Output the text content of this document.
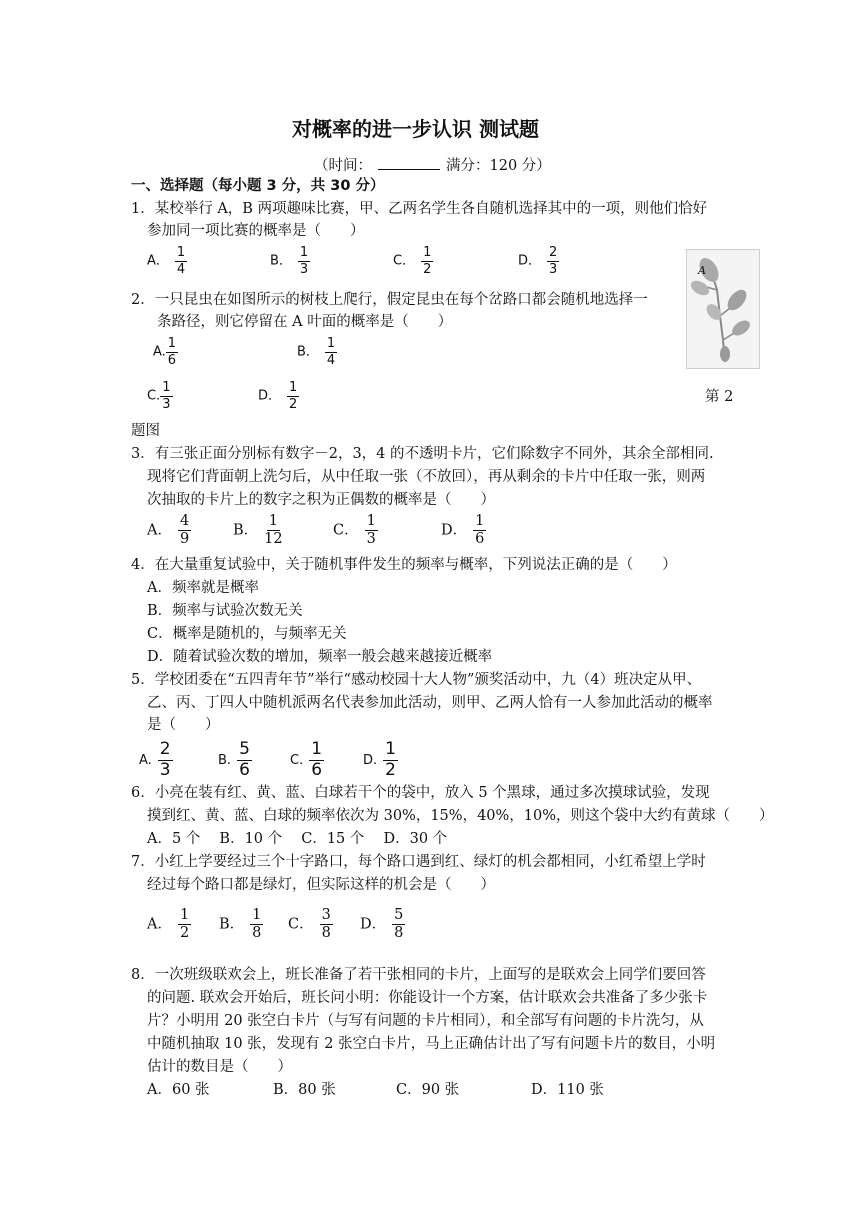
对概率的进一步认识 测试题
（时间：	满分：120 分）
一、选择题（每小题 3 分，共 30 分）
1．某校举行 A，B 两项趣味比赛，甲、乙两名学生各自随机选择其中的一项，则他们恰好
参加同一项比赛的概率是（　　）
A． $\frac{1}{4}$	B． $\frac{1}{3}$	C． $\frac{1}{2}$	D． $\frac{2}{3}$
2．一只昆虫在如图所示的树枝上爬行，假定昆虫在每个岔路口都会随机地选择一
条路径，则它停留在 A 叶面的概率是（　　）
A. $\frac{1}{6}$	B． $\frac{1}{4}$
C. $\frac{1}{3}$	D． $\frac{1}{2}$
A
第 2
题图
3．有三张正面分别标有数字－2，3，4 的不透明卡片，它们除数字不同外，其余全部相同.
现将它们背面朝上洗匀后，从中任取一张（不放回），再从剩余的卡片中任取一张，则两
次抽取的卡片上的数字之积为正偶数的概率是（　　）
A． $\frac{4}{9}$	B． $\frac{1}{12}$	C． $\frac{1}{3}$	D． $\frac{1}{6}$
4．在大量重复试验中，关于随机事件发生的频率与概率，下列说法正确的是（　　）
A．频率就是概率
B．频率与试验次数无关
C．概率是随机的，与频率无关
D．随着试验次数的增加，频率一般会越来越接近概率
5．学校团委在“五四青年节”举行“感动校园十大人物”颁奖活动中，九（4）班决定从甲、
乙、丙、丁四人中随机派两名代表参加此活动，则甲、乙两人恰有一人参加此活动的概率
是（　　）
A. $\frac{2}{3}$	B. $\frac{5}{6}$	C. $\frac{1}{6}$	D. $\frac{1}{2}$
6．小亮在装有红、黄、蓝、白球若干个的袋中，放入 5 个黑球，通过多次摸球试验，发现
摸到红、黄、蓝、白球的频率依次为 30%，15%，40%，10%，则这个袋中大约有黄球（　　）
A．5 个　 B．10 个　 C．15 个　 D．30 个
7．小红上学要经过三个十字路口，每个路口遇到红、绿灯的机会都相同，小红希望上学时
经过每个路口都是绿灯，但实际这样的机会是（　　）
A． $\frac{1}{2}$ B． $\frac{1}{8}$ C． $\frac{3}{8}$ D． $\frac{5}{8}$
8．一次班级联欢会上，班长准备了若干张相同的卡片，上面写的是联欢会上同学们要回答
的问题. 联欢会开始后，班长问小明：你能设计一个方案，估计联欢会共准备了多少张卡
片？小明用 20 张空白卡片（与写有问题的卡片相同），和全部写有问题的卡片洗匀，从
中随机抽取 10 张，发现有 2 张空白卡片，马上正确估计出了写有问题卡片的数目，小明
估计的数目是（　　）
A．60 张	B．80 张	C．90 张	D．110 张
